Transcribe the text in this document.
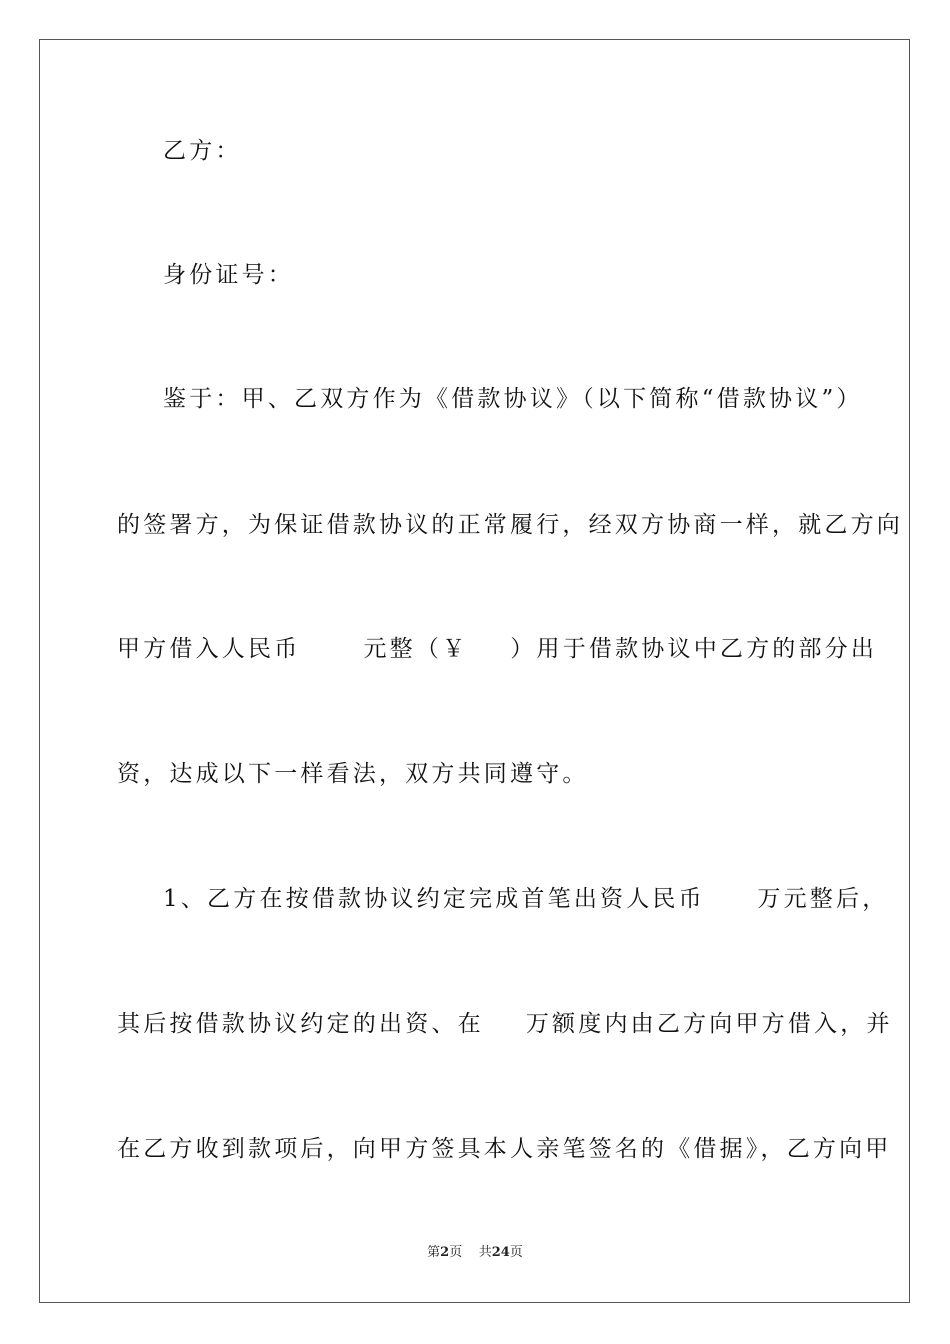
乙方：
身份证号：
鉴于：甲、乙双方作为《借款协议》（以下简称“借款协议”）
的签署方，为保证借款协议的正常履行，经双方协商一样，就乙方向
甲方借入人民币      元整（￥    ）用于借款协议中乙方的部分出
资，达成以下一样看法，双方共同遵守。
1、乙方在按借款协议约定完成首笔出资人民币     万元整后，
其后按借款协议约定的出资、在    万额度内由乙方向甲方借入，并
在乙方收到款项后，向甲方签具本人亲笔签名的《借据》，乙方向甲
第2页 共24页
